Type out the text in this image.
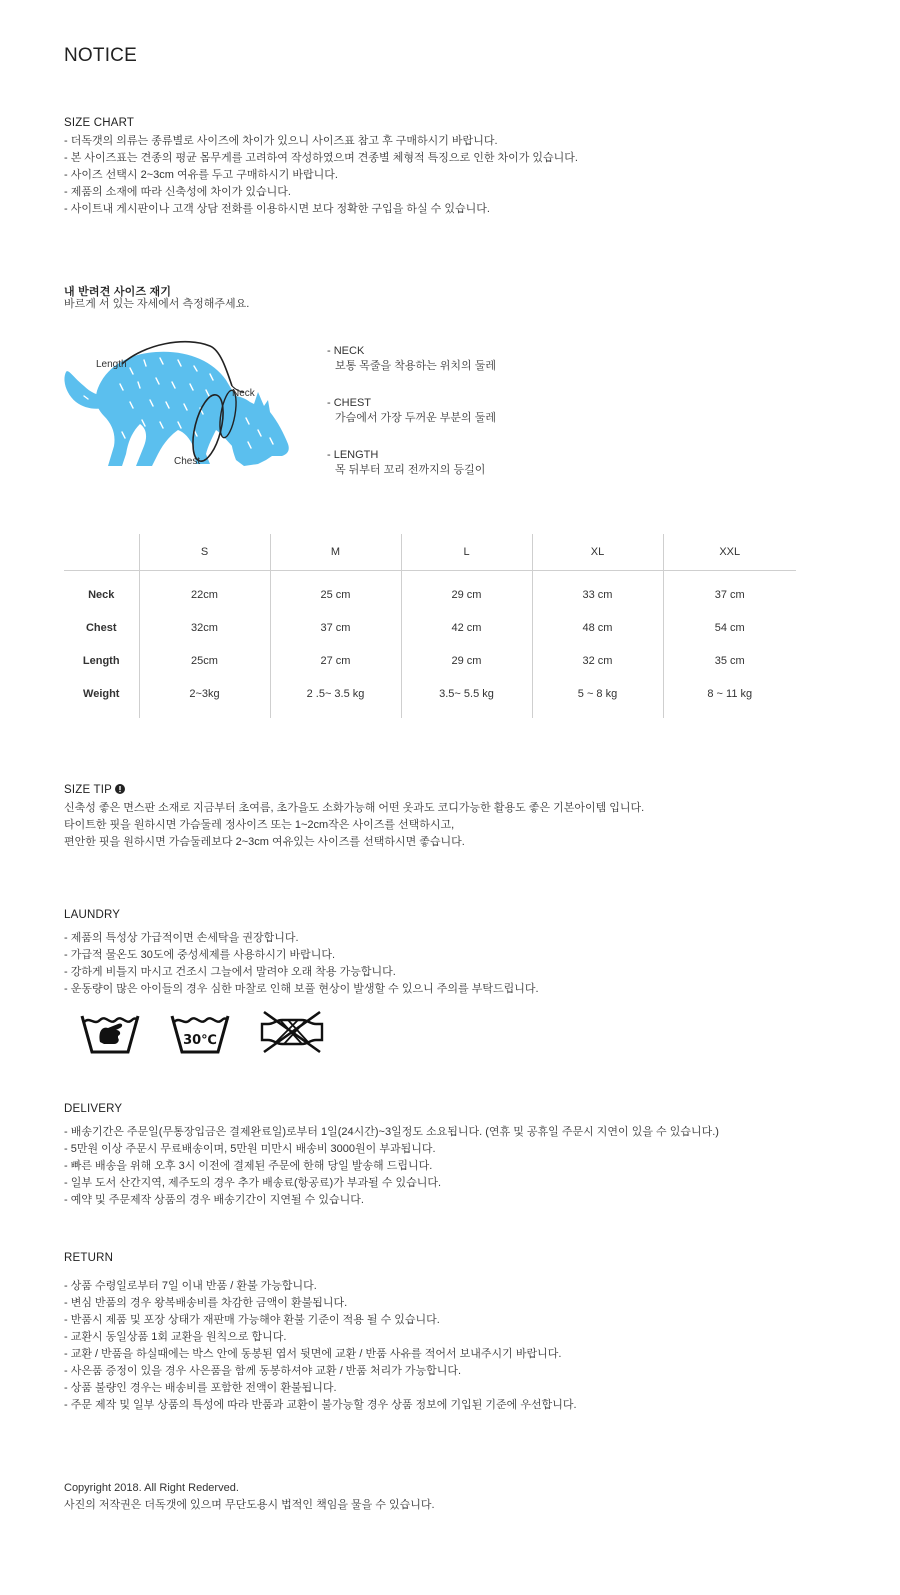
NOTICE
SIZE CHART
- 더독갯의 의류는 종류별로 사이즈에 차이가 있으니 사이즈표 참고 후 구매하시기 바랍니다.
- 본 사이즈표는 견종의 평균 몸무게를 고려하여 작성하였으며 견종별 체형적 특징으로 인한 차이가 있습니다.
- 사이즈 선택시 2~3cm 여유를 두고 구매하시기 바랍니다.
- 제품의 소재에 따라 신축성에 차이가 있습니다.
- 사이트내 게시판이나 고객 상담 전화를 이용하시면 보다 정확한 구입을 하실 수 있습니다.
내 반려견 사이즈 재기
바르게 서 있는 자세에서 측정해주세요.
Length
Neck
Chest
- NECK
보통 목줄을 착용하는 위치의 둘레
- CHEST
가슴에서 가장 두꺼운 부분의 둘레
- LENGTH
목 뒤부터 꼬리 전까지의 등길이
	S	M	L	XL	XXL
Neck	22cm	25 cm	29 cm	33 cm	37 cm
Chest	32cm	37 cm	42 cm	48 cm	54 cm
Length	25cm	27 cm	29 cm	32 cm	35 cm
Weight	2~3kg	2 .5~ 3.5 kg	3.5~ 5.5 kg	5 ~ 8 kg	8 ~ 11 kg
SIZE TIP
신축성 좋은 면스판 소재로 지금부터 초여름, 초가을도 소화가능해 어떤 옷과도 코디가능한 활용도 좋은 기본아이템 입니다.
타이트한 핏을 원하시면 가슴둘레 정사이즈 또는 1~2cm작은 사이즈를 선택하시고,
편안한 핏을 원하시면 가슴둘레보다 2~3cm 여유있는 사이즈를 선택하시면 좋습니다.
LAUNDRY
- 제품의 특성상 가급적이면 손세탁을 권장합니다.
- 가급적 물온도 30도에 중성세제를 사용하시기 바랍니다.
- 강하게 비틀지 마시고 건조시 그늘에서 말려야 오래 착용 가능합니다.
- 운동량이 많은 아이들의 경우 심한 마찰로 인해 보풀 현상이 발생할 수 있으니 주의를 부탁드립니다.
30℃
DELIVERY
- 배송기간은 주문일(무통장입금은 결제완료일)로부터 1일(24시간)~3일정도 소요됩니다. (연휴 및 공휴일 주문시 지연이 있을 수 있습니다.)
- 5만원 이상 주문시 무료배송이며, 5만원 미만시 배송비 3000원이 부과됩니다.
- 빠른 배송을 위해 오후 3시 이전에 결제된 주문에 한해 당일 발송해 드립니다.
- 일부 도서 산간지역, 제주도의 경우 추가 배송료(항공료)가 부과될 수 있습니다.
- 예약 및 주문제작 상품의 경우 배송기간이 지연될 수 있습니다.
RETURN
- 상품 수령일로부터 7일 이내 반품 / 환불 가능합니다.
- 변심 반품의 경우 왕복배송비를 차감한 금액이 환불됩니다.
- 반품시 제품 및 포장 상태가 재판매 가능해야 환불 기준이 적용 될 수 있습니다.
- 교환시 동일상품 1회 교환을 원칙으로 합니다.
- 교환 / 반품을 하실때에는 박스 안에 동봉된 엽서 뒷면에 교환 / 반품 사유를 적어서 보내주시기 바랍니다.
- 사은품 증정이 있을 경우 사은품을 함께 동봉하셔야 교환 / 반품 처리가 가능합니다.
- 상품 불량인 경우는 배송비를 포함한 전액이 환불됩니다.
- 주문 제작 및 일부 상품의 특성에 따라 반품과 교환이 불가능할 경우 상품 정보에 기입된 기준에 우선합니다.
Copyright 2018. All Right Rederved.
사진의 저작권은 더독갯에 있으며 무단도용시 법적인 책임을 물을 수 있습니다.
